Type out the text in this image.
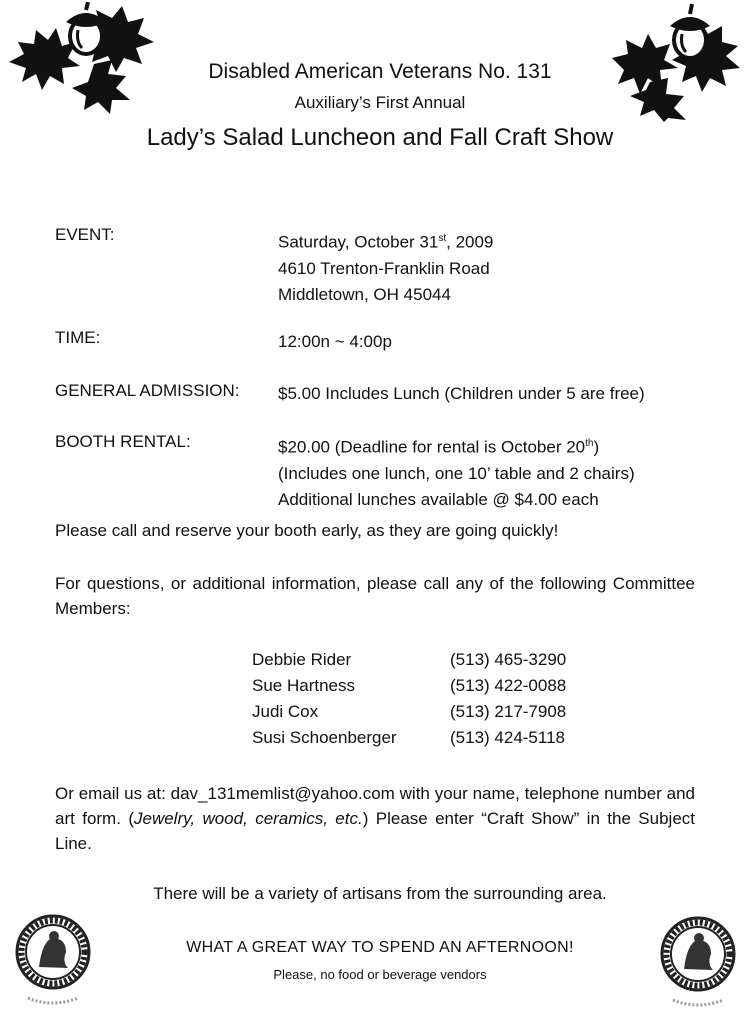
Disabled American Veterans No. 131
Auxiliary’s First Annual
Lady’s Salad Luncheon and Fall Craft Show
EVENT:	Saturday, October 31st, 2009
4610 Trenton-Franklin Road
Middletown, OH 45044
TIME:	12:00n ~ 4:00p
GENERAL ADMISSION: $5.00 Includes Lunch (Children under 5 are free)
BOOTH RENTAL:	$20.00 (Deadline for rental is October 20th)
(Includes one lunch, one 10’ table and 2 chairs)
Additional lunches available @ $4.00 each
Please call and reserve your booth early, as they are going quickly!
For questions, or additional information, please call any of the following Committee Members:
Debbie Rider	(513) 465-3290
Sue Hartness	(513) 422-0088
Judi Cox	(513) 217-7908
Susi Schoenberger	(513) 424-5118
Or email us at: dav_131memlist@yahoo.com with your name, telephone number and art form. (Jewelry, wood, ceramics, etc.) Please enter “Craft Show” in the Subject Line.
There will be a variety of artisans from the surrounding area.
WHAT A GREAT WAY TO SPEND AN AFTERNOON!
Please, no food or beverage vendors
